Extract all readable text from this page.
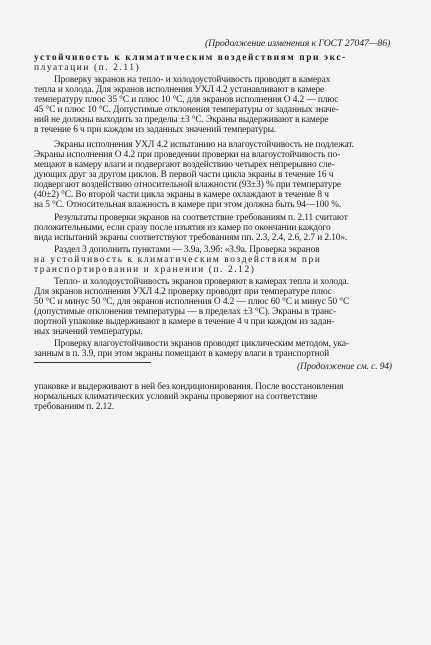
(Продолжение изменения к ГОСТ 27047—86)
устойчивость к климатическим воздействиям при экс-
плуатации (п. 2.11)
Проверку экранов на тепло- и холодоустойчивость проводят в камерах
тепла и холода. Для экранов исполнения УХЛ 4.2 устанавливают в камере
температуру плюс 35 °С и плюс 10 °С, для экранов исполнения О 4.2 — плюс
45 °С и плюс 10 °С. Допустимые отклонения температуры от заданных значе-
ний не должны выходить за пределы ±3 °С. Экраны выдерживают в камере
в течение 6 ч при каждом из заданных значений температуры.
Экраны исполнения УХЛ 4.2 испытанию на влагоустойчивость не подлежат.
Экраны исполнения О 4.2 при проведении проверки на влагоустойчивость по-
мещают в камеру влаги и подвергают воздействию четырех непрерывно сле-
дующих друг за другом циклов. В первой части цикла экраны в течение 16 ч
подвергают воздействию относительной влажности (93±3) % при температуре
(40±2) °С. Во второй части цикла экраны в камере охлаждают в течение 8 ч
на 5 °С. Относительная влажность в камере при этом должна быть 94—100 %.
Результаты проверки экранов на соответствие требованиям п. 2.11 считают
положительными, если сразу после изъятия из камер по окончании каждого
вида испытаний экраны соответствуют требованиям пп. 2.3, 2.4, 2.6, 2.7 и 2.10».
Раздел 3 дополнить пунктами — 3.9а, 3.9б: «3.9а. Проверка экранов
на устойчивость к климатическим воздействиям при
транспортировании и хранении (п. 2.12)
Тепло- и холодоустойчивость экранов проверяют в камерах тепла и холода.
Для экранов исполнения УХЛ 4.2 проверку проводят при температуре плюс
50 °С и минус 50 °С, для экранов исполнения О 4.2 — плюс 60 °С и минус 50 °С
(допустимые отклонения температуры — в пределах ±3 °С). Экраны в транс-
портной упаковке выдерживают в камере в течение 4 ч при каждом из задан-
ных значений температуры.
Проверку влагоустойчивости экранов проводят циклическим методом, ука-
занным в п. 3.9, при этом экраны помещают в камеру влаги в транспортной
(Продолжение см. с. 94)
упаковке и выдерживают в ней без кондиционирования. После восстановления
нормальных климатических условий экраны проверяют на соответствие
требованиям п. 2.12.
